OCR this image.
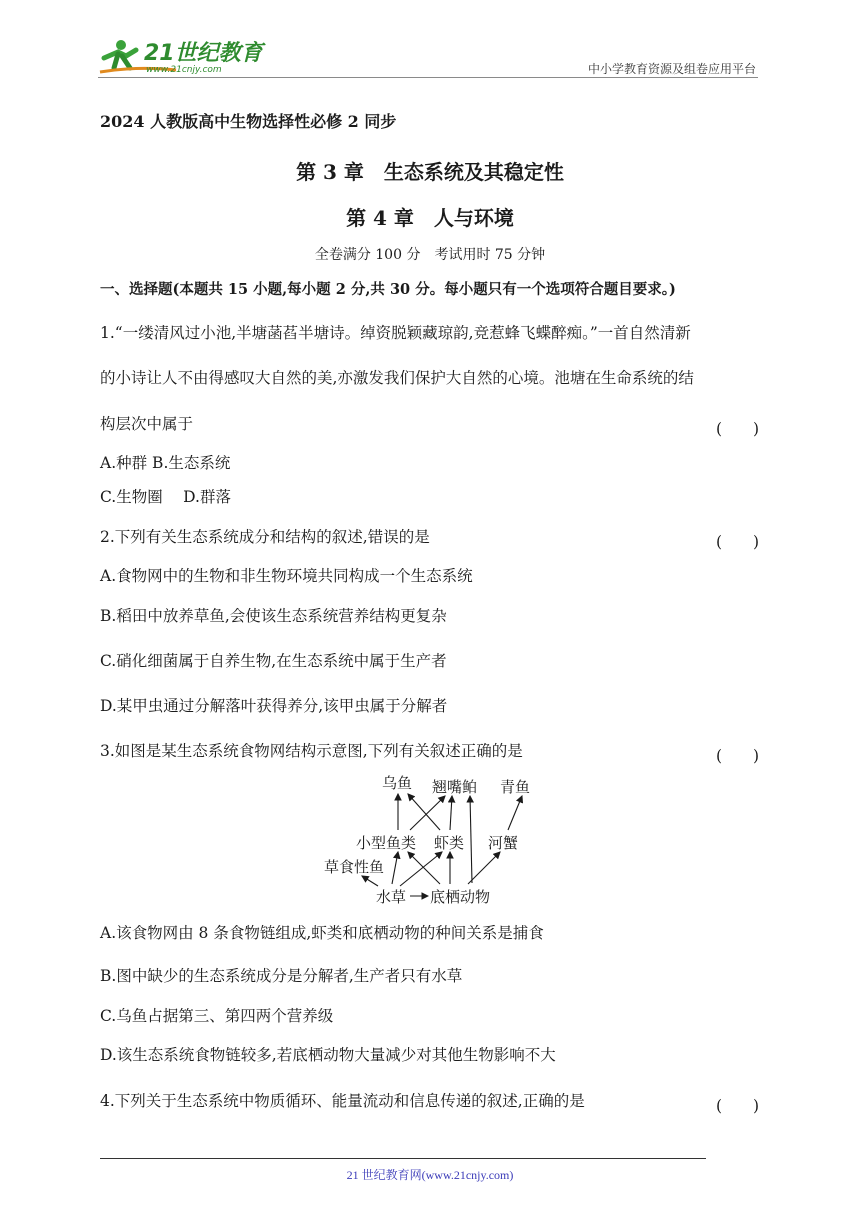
21世纪教育
www.21cnjy.com	中小学教育资源及组卷应用平台
2024 人教版高中生物选择性必修 2 同步
第 3 章　生态系统及其稳定性
第 4 章　人与环境
全卷满分 100 分　考试用时 75 分钟
一、选择题(本题共 15 小题,每小题 2 分,共 30 分。每小题只有一个选项符合题目要求。)
1.“一缕清风过小池,半塘菡萏半塘诗。绰资脱颖藏琼韵,竞惹蜂飞蝶醉痴。”一首自然清新
的小诗让人不由得感叹大自然的美,亦激发我们保护大自然的心境。池塘在生命系统的结
构层次中属于	(　　)
A.种群 B.生态系统
C.生物圈 　D.群落
2.下列有关生态系统成分和结构的叙述,错误的是	(　　)
A.食物网中的生物和非生物环境共同构成一个生态系统
B.稻田中放养草鱼,会使该生态系统营养结构更复杂
C.硝化细菌属于自养生物,在生态系统中属于生产者
D.某甲虫通过分解落叶获得养分,该甲虫属于分解者
3.如图是某生态系统食物网结构示意图,下列有关叙述正确的是	(　　)
乌鱼 翘嘴鲌 青鱼
小型鱼类 虾类 河蟹
草食性鱼
水草 底栖动物
A.该食物网由 8 条食物链组成,虾类和底栖动物的种间关系是捕食
B.图中缺少的生态系统成分是分解者,生产者只有水草
C.乌鱼占据第三、第四两个营养级
D.该生态系统食物链较多,若底栖动物大量减少对其他生物影响不大
4.下列关于生态系统中物质循环、能量流动和信息传递的叙述,正确的是	(　　)
21 世纪教育网(www.21cnjy.com)
